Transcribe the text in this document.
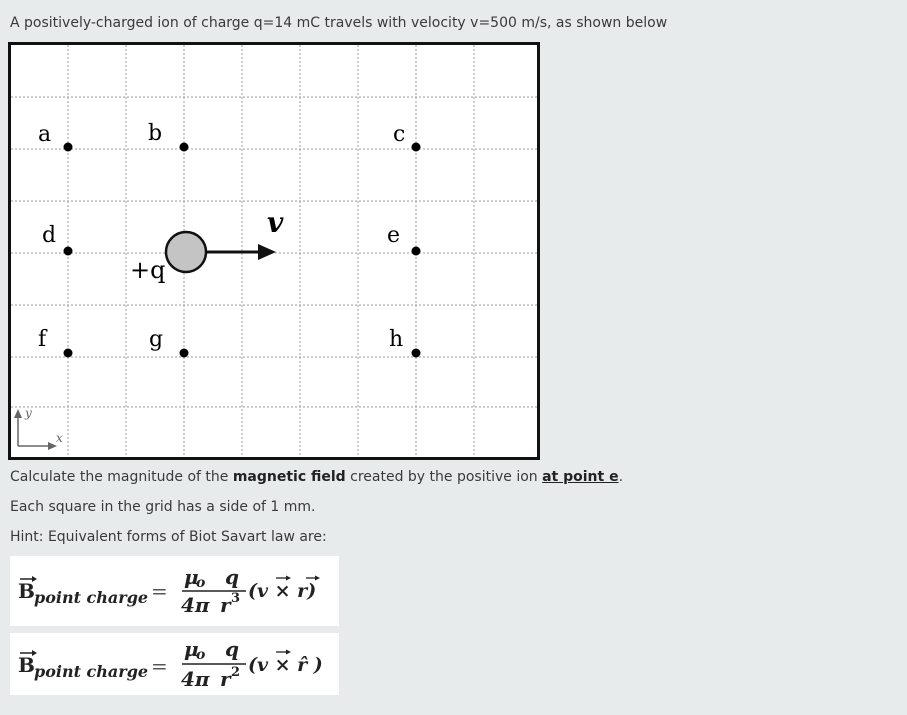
A positively-charged ion of charge q=14 mC travels with velocity v=500 m/s, as shown below
a	b	c
d	e
f	g	h
+q
v
y
x
Calculate the magnitude of the magnetic field created by the positive ion at point e.
Each square in the grid has a side of 1 mm.
Hint: Equivalent forms of Biot Savart law are:
B point charge =
μ
o q
4π r 3 (v × r)
B point charge =
μ
o q
4π r 2 (v × r̂ )
